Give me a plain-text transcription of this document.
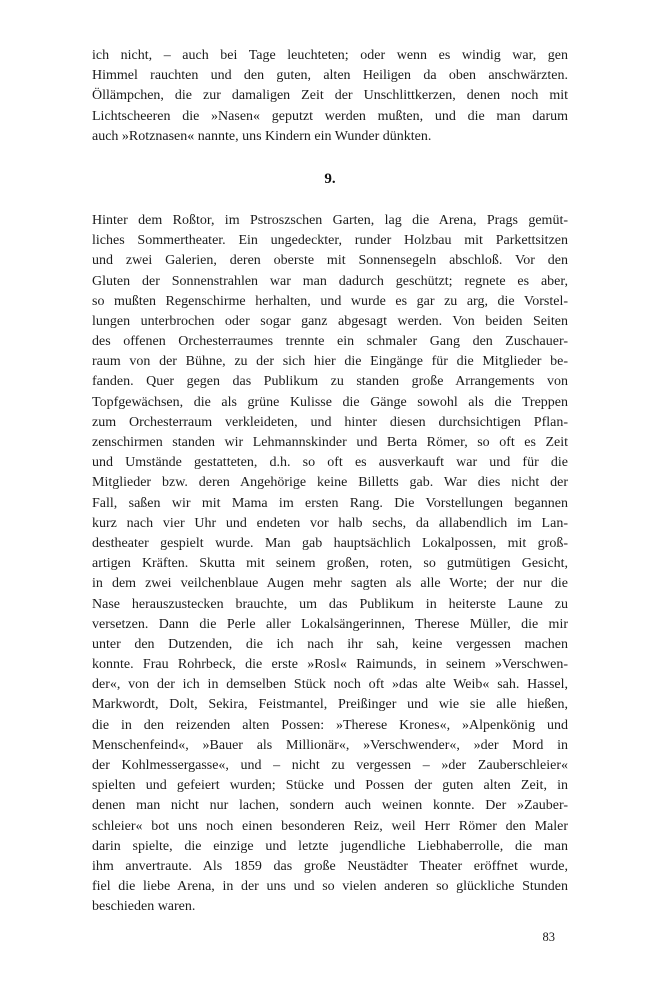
ich nicht, – auch bei Tage leuchteten; oder wenn es windig war, gen
Himmel rauchten und den guten, alten Heiligen da oben anschwärzten.
Öllämpchen, die zur damaligen Zeit der Unschlittkerzen, denen noch mit
Lichtscheeren die »Nasen« geputzt werden mußten, und die man darum
auch »Rotznasen« nannte, uns Kindern ein Wunder dünkten.
9.
Hinter dem Roßtor, im Pstroszschen Garten, lag die Arena, Prags gemüt-
liches Sommertheater. Ein ungedeckter, runder Holzbau mit Parkettsitzen
und zwei Galerien, deren oberste mit Sonnensegeln abschloß. Vor den
Gluten der Sonnenstrahlen war man dadurch geschützt; regnete es aber,
so mußten Regenschirme herhalten, und wurde es gar zu arg, die Vorstel-
lungen unterbrochen oder sogar ganz abgesagt werden. Von beiden Seiten
des offenen Orchesterraumes trennte ein schmaler Gang den Zuschauer-
raum von der Bühne, zu der sich hier die Eingänge für die Mitglieder be-
fanden. Quer gegen das Publikum zu standen große Arrangements von
Topfgewächsen, die als grüne Kulisse die Gänge sowohl als die Treppen
zum Orchesterraum verkleideten, und hinter diesen durchsichtigen Pflan-
zenschirmen standen wir Lehmannskinder und Berta Römer, so oft es Zeit
und Umstände gestatteten, d.h. so oft es ausverkauft war und für die
Mitglieder bzw. deren Angehörige keine Billetts gab. War dies nicht der
Fall, saßen wir mit Mama im ersten Rang. Die Vorstellungen begannen
kurz nach vier Uhr und endeten vor halb sechs, da allabendlich im Lan-
destheater gespielt wurde. Man gab hauptsächlich Lokalpossen, mit groß-
artigen Kräften. Skutta mit seinem großen, roten, so gutmütigen Gesicht,
in dem zwei veilchenblaue Augen mehr sagten als alle Worte; der nur die
Nase herauszustecken brauchte, um das Publikum in heiterste Laune zu
versetzen. Dann die Perle aller Lokalsängerinnen, Therese Müller, die mir
unter den Dutzenden, die ich nach ihr sah, keine vergessen machen
konnte. Frau Rohrbeck, die erste »Rosl« Raimunds, in seinem »Verschwen-
der«, von der ich in demselben Stück noch oft »das alte Weib« sah. Hassel,
Markwordt, Dolt, Sekira, Feistmantel, Preißinger und wie sie alle hießen,
die in den reizenden alten Possen: »Therese Krones«, »Alpenkönig und
Menschenfeind«, »Bauer als Millionär«, »Verschwender«, »der Mord in
der Kohlmessergasse«, und – nicht zu vergessen – »der Zauberschleier«
spielten und gefeiert wurden; Stücke und Possen der guten alten Zeit, in
denen man nicht nur lachen, sondern auch weinen konnte. Der »Zauber-
schleier« bot uns noch einen besonderen Reiz, weil Herr Römer den Maler
darin spielte, die einzige und letzte jugendliche Liebhaberrolle, die man
ihm anvertraute. Als 1859 das große Neustädter Theater eröffnet wurde,
fiel die liebe Arena, in der uns und so vielen anderen so glückliche Stunden
beschieden waren.
83
